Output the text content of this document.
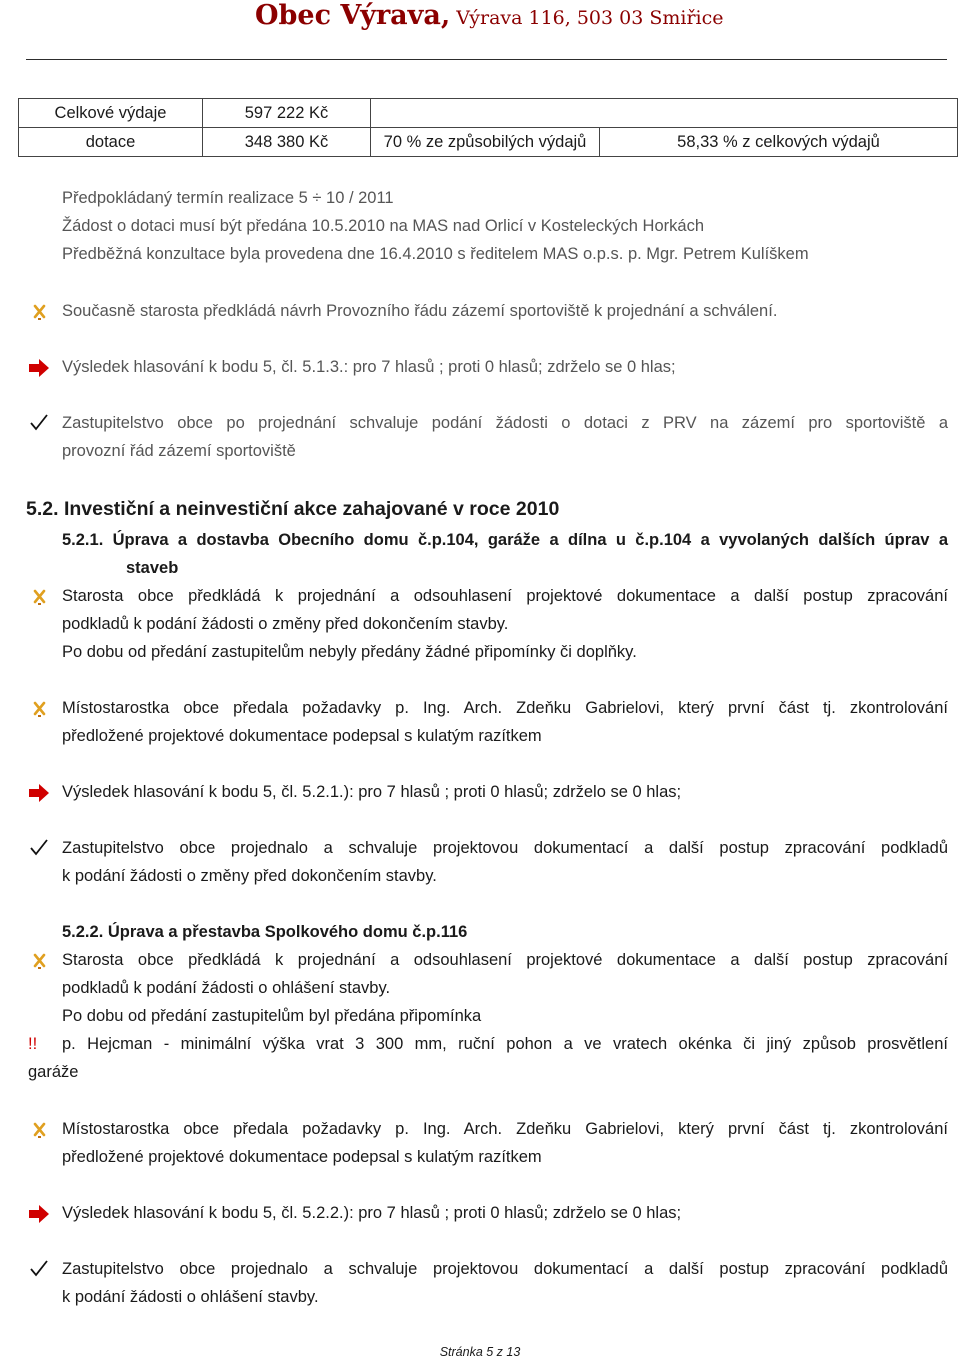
Obec Výrava, Výrava 116, 503 03 Smiřice
Celkové výdaje	597 222 Kč		
dotace	348 380 Kč	70 % ze způsobilých výdajů	58,33 % z celkových výdajů
Předpokládaný termín realizace 5 ÷ 10 / 2011
Žádost o dotaci musí být předána 10.5.2010 na MAS nad Orlicí v Kosteleckých Horkách
Předběžná konzultace byla provedena dne 16.4.2010 s ředitelem MAS o.p.s. p. Mgr. Petrem Kulíškem
Současně starosta předkládá návrh Provozního řádu zázemí sportoviště k projednání a schválení.
Výsledek hlasování k bodu 5, čl. 5.1.3.: pro 7 hlasů ; proti 0 hlasů; zdrželo se 0 hlas;
Zastupitelstvo obce po projednání schvaluje podání žádosti o dotaci z PRV na zázemí pro sportoviště a
provozní řád zázemí sportoviště
5.2. Investiční a neinvestiční akce zahajované v roce 2010
5.2.1. Úprava a dostavba Obecního domu č.p.104, garáže a dílna u č.p.104 a vyvolaných dalších úprav a
staveb
Starosta obce předkládá k projednání a odsouhlasení projektové dokumentace a další postup zpracování
podkladů k podání žádosti o změny před dokončením stavby.
Po dobu od předání zastupitelům nebyly předány žádné připomínky či doplňky.
Místostarostka obce předala požadavky p. Ing. Arch. Zdeňku Gabrielovi, který první část tj. zkontrolování
předložené projektové dokumentace podepsal s kulatým razítkem
Výsledek hlasování k bodu 5, čl. 5.2.1.): pro 7 hlasů ; proti 0 hlasů; zdrželo se 0 hlas;
Zastupitelstvo obce projednalo a schvaluje projektovou dokumentací a další postup zpracování podkladů
k podání žádosti o změny před dokončením stavby.
5.2.2. Úprava a přestavba Spolkového domu č.p.116
Starosta obce předkládá k projednání a odsouhlasení projektové dokumentace a další postup zpracování
podkladů k podání žádosti o ohlášení stavby.
Po dobu od předání zastupitelům byl předána připomínka
!! p. Hejcman - minimální výška vrat 3 300 mm, ruční pohon a ve vratech okénka či jiný způsob prosvětlení
garáže
Místostarostka obce předala požadavky p. Ing. Arch. Zdeňku Gabrielovi, který první část tj. zkontrolování
předložené projektové dokumentace podepsal s kulatým razítkem
Výsledek hlasování k bodu 5, čl. 5.2.2.): pro 7 hlasů ; proti 0 hlasů; zdrželo se 0 hlas;
Zastupitelstvo obce projednalo a schvaluje projektovou dokumentací a další postup zpracování podkladů
k podání žádosti o ohlášení stavby.
Stránka 5 z 13
